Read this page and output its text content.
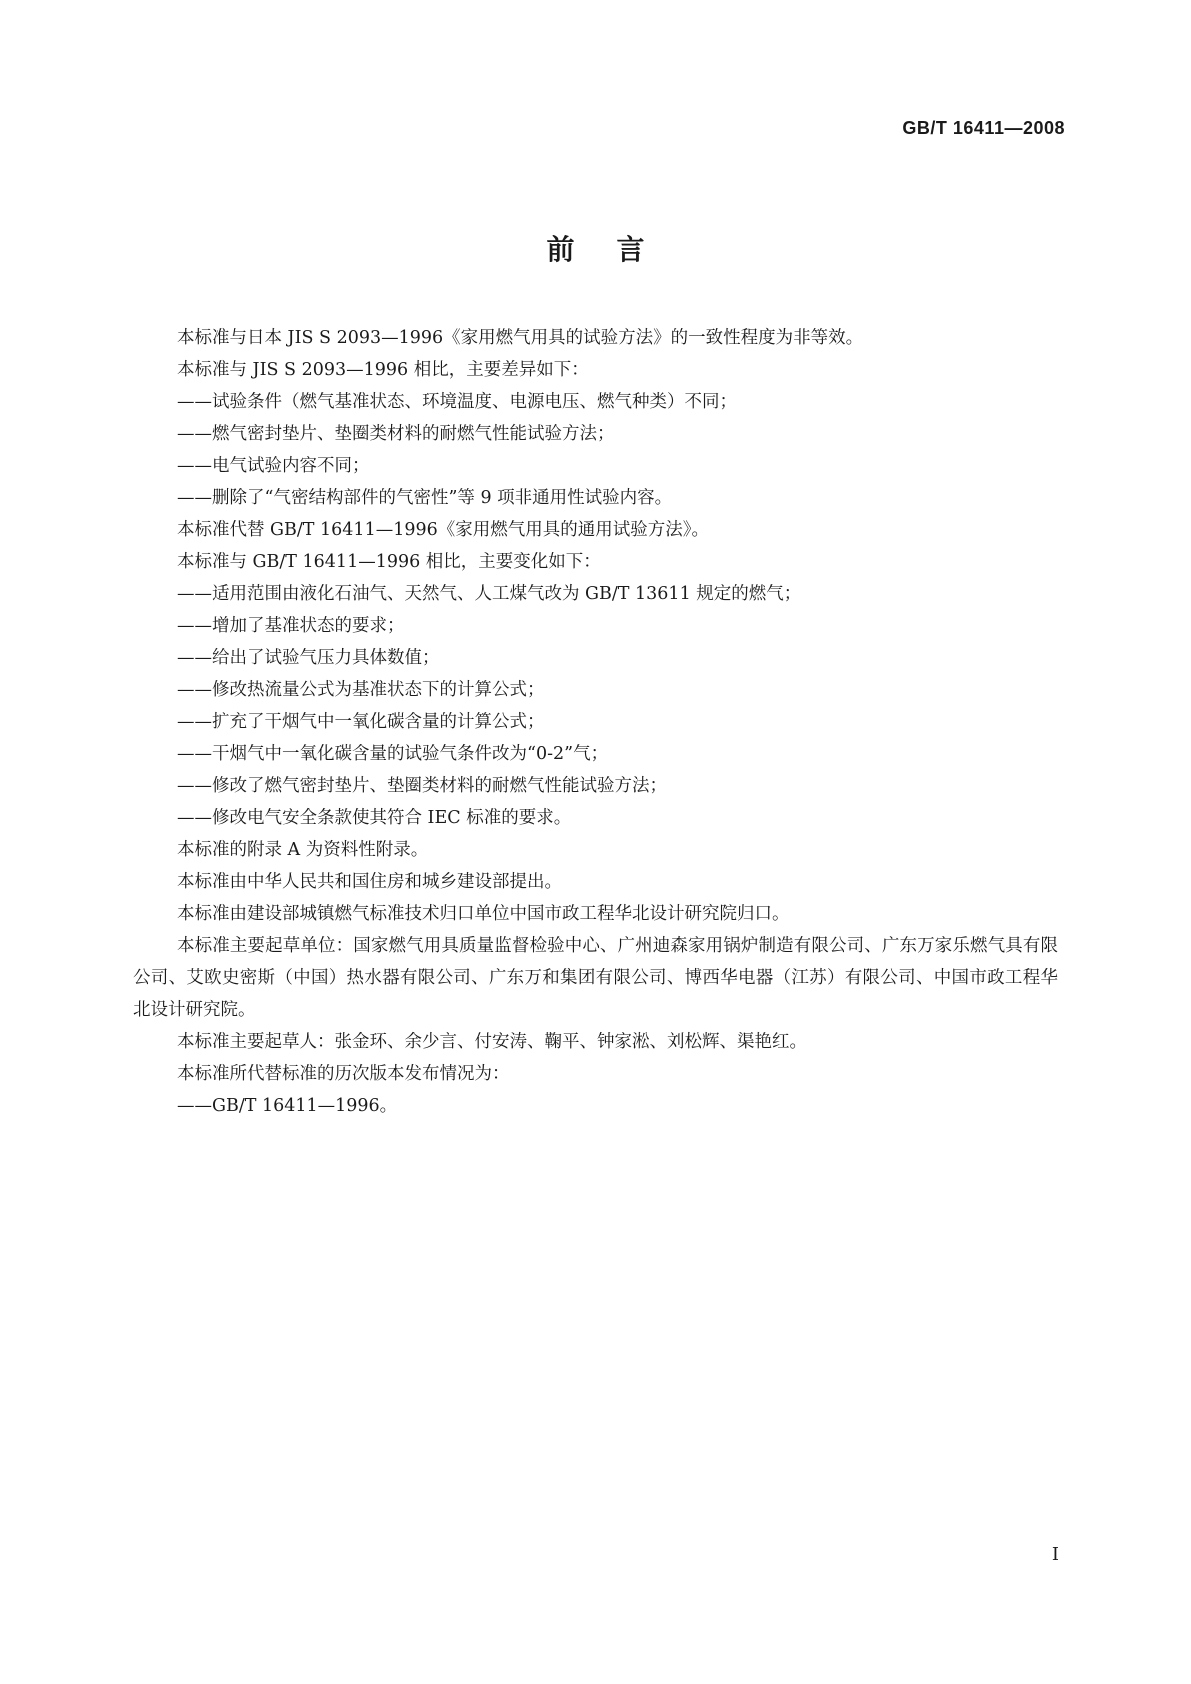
GB/T 16411—2008
前言

本标准与日本 JIS S 2093—1996《家用燃气用具的试验方法》的一致性程度为非等效。

本标准与 JIS S 2093—1996 相比，主要差异如下：

——试验条件（燃气基准状态、环境温度、电源电压、燃气种类）不同；

——燃气密封垫片、垫圈类材料的耐燃气性能试验方法；

——电气试验内容不同；

——删除了“气密结构部件的气密性”等 9 项非通用性试验内容。

本标准代替 GB/T 16411—1996《家用燃气用具的通用试验方法》。

本标准与 GB/T 16411—1996 相比，主要变化如下：

——适用范围由液化石油气、天然气、人工煤气改为 GB/T 13611 规定的燃气；

——增加了基准状态的要求；

——给出了试验气压力具体数值；

——修改热流量公式为基准状态下的计算公式；

——扩充了干烟气中一氧化碳含量的计算公式；

——干烟气中一氧化碳含量的试验气条件改为“0-2”气；

——修改了燃气密封垫片、垫圈类材料的耐燃气性能试验方法；

——修改电气安全条款使其符合 IEC 标准的要求。

本标准的附录 A 为资料性附录。

本标准由中华人民共和国住房和城乡建设部提出。

本标准由建设部城镇燃气标准技术归口单位中国市政工程华北设计研究院归口。

本标准主要起草单位：国家燃气用具质量监督检验中心、广州迪森家用锅炉制造有限公司、广东万家乐燃气具有限公司、艾欧史密斯（中国）热水器有限公司、广东万和集团有限公司、博西华电器（江苏）有限公司、中国市政工程华北设计研究院。

本标准主要起草人：张金环、余少言、付安涛、鞠平、钟家淞、刘松辉、渠艳红。

本标准所代替标准的历次版本发布情况为：

——GB/T 16411—1996。

I
